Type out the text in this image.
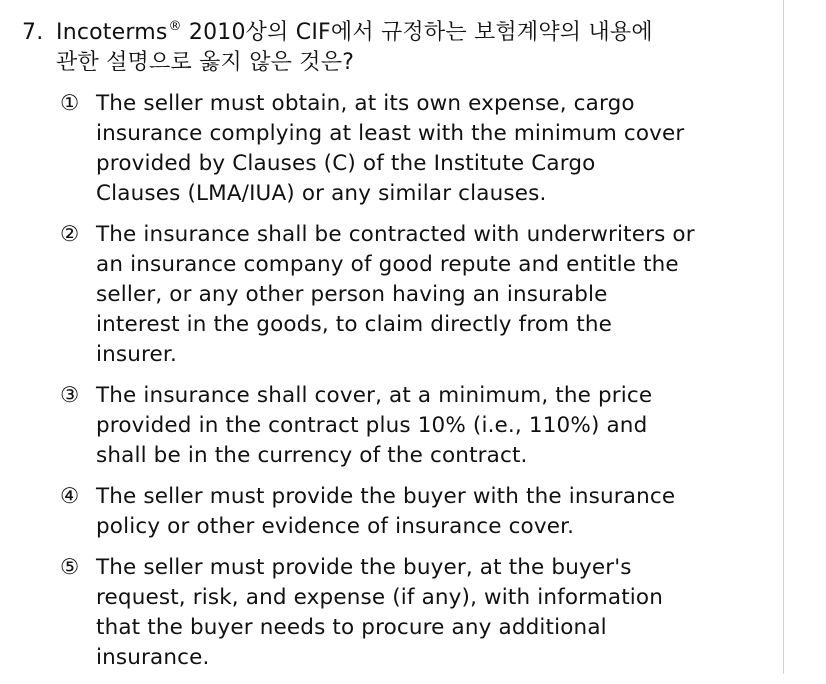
7. Incoterms® 2010상의 CIF에서 규정하는 보험계약의 내용에
관한 설명으로 옳지 않은 것은?
① The seller must obtain, at its own expense, cargo
insurance complying at least with the minimum cover
provided by Clauses (C) of the Institute Cargo
Clauses (LMA/IUA) or any similar clauses.
② The insurance shall be contracted with underwriters or
an insurance company of good repute and entitle the
seller, or any other person having an insurable
interest in the goods, to claim directly from the
insurer.
③ The insurance shall cover, at a minimum, the price
provided in the contract plus 10% (i.e., 110%) and
shall be in the currency of the contract.
④ The seller must provide the buyer with the insurance
policy or other evidence of insurance cover.
⑤ The seller must provide the buyer, at the buyer's
request, risk, and expense (if any), with information
that the buyer needs to procure any additional
insurance.
